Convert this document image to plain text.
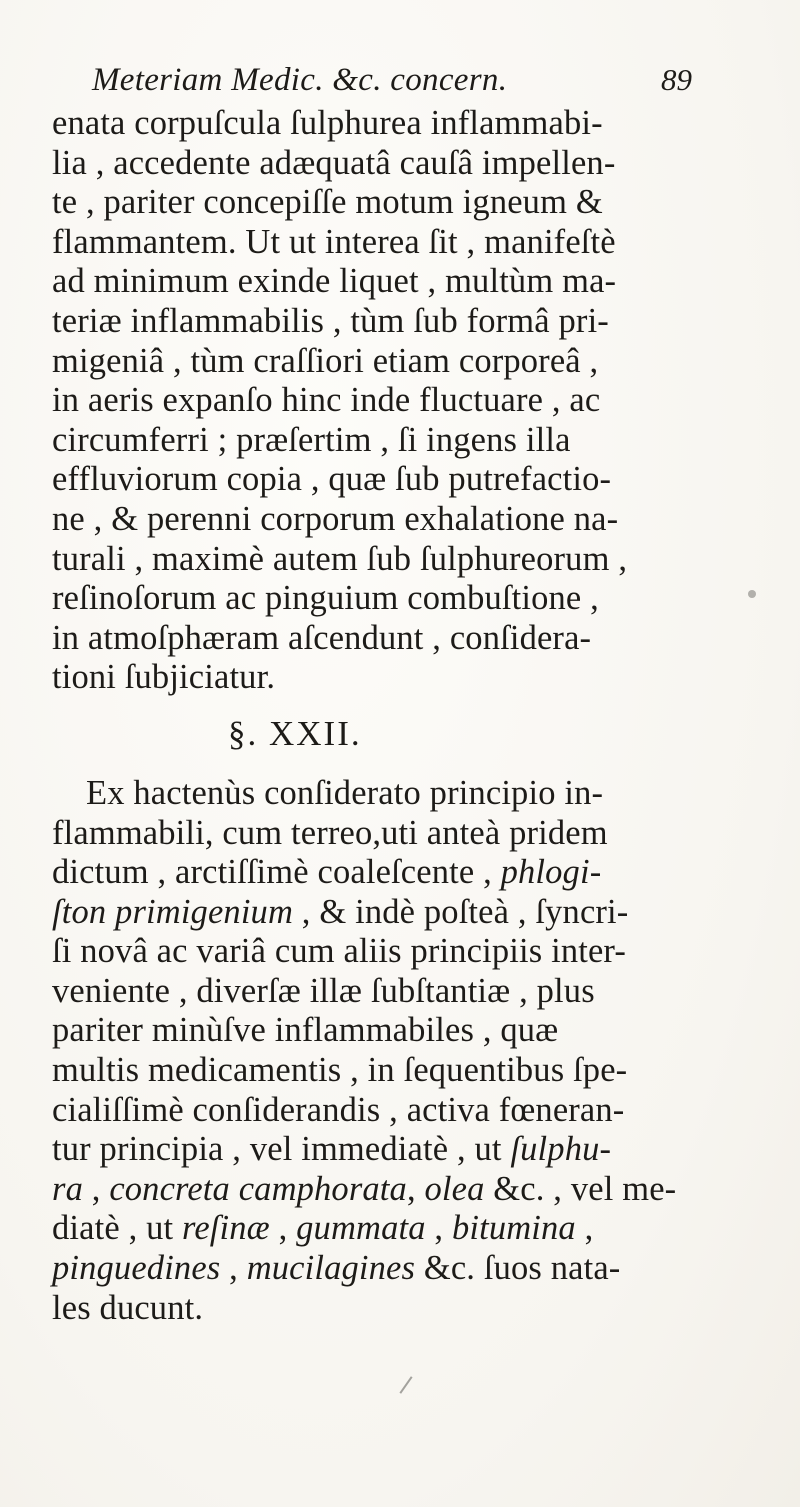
Meteriam Medic. &c. concern.	89
enata corpuſcula ſulphurea inflammabi-
lia , accedente adæquatâ cauſâ impellen-
te , pariter concepiſſe motum igneum &
flammantem. Ut ut interea ſit , manifeſtè
ad minimum exinde liquet , multùm ma-
teriæ inflammabilis , tùm ſub formâ pri-
migeniâ , tùm craſſiori etiam corporeâ ,
in aeris expanſo hinc inde fluctuare , ac
circumferri ; præſertim , ſi ingens illa
effluviorum copia , quæ ſub putrefactio-
ne , & perenni corporum exhalatione na-
turali , maximè autem ſub ſulphureorum ,
reſinoſorum ac pinguium combuſtione ,
in atmoſphæram aſcendunt , conſidera-
tioni ſubjiciatur.
§. XXII.
Ex hactenùs conſiderato principio in-
flammabili, cum terreo,uti anteà pridem
dictum , arctiſſimè coaleſcente , phlogi-
ſton primigenium , & indè poſteà , ſyncri-
ſi novâ ac variâ cum aliis principiis inter-
veniente , diverſæ illæ ſubſtantiæ , plus
pariter minùſve inflammabiles , quæ
multis medicamentis , in ſequentibus ſpe-
cialiſſimè conſiderandis , activa fœneran-
tur principia , vel immediatè , ut ſulphu-
ra , concreta camphorata, olea &c. , vel me-
diatè , ut reſinæ , gummata , bitumina ,
pinguedines , mucilagines &c. ſuos nata-
les ducunt.
